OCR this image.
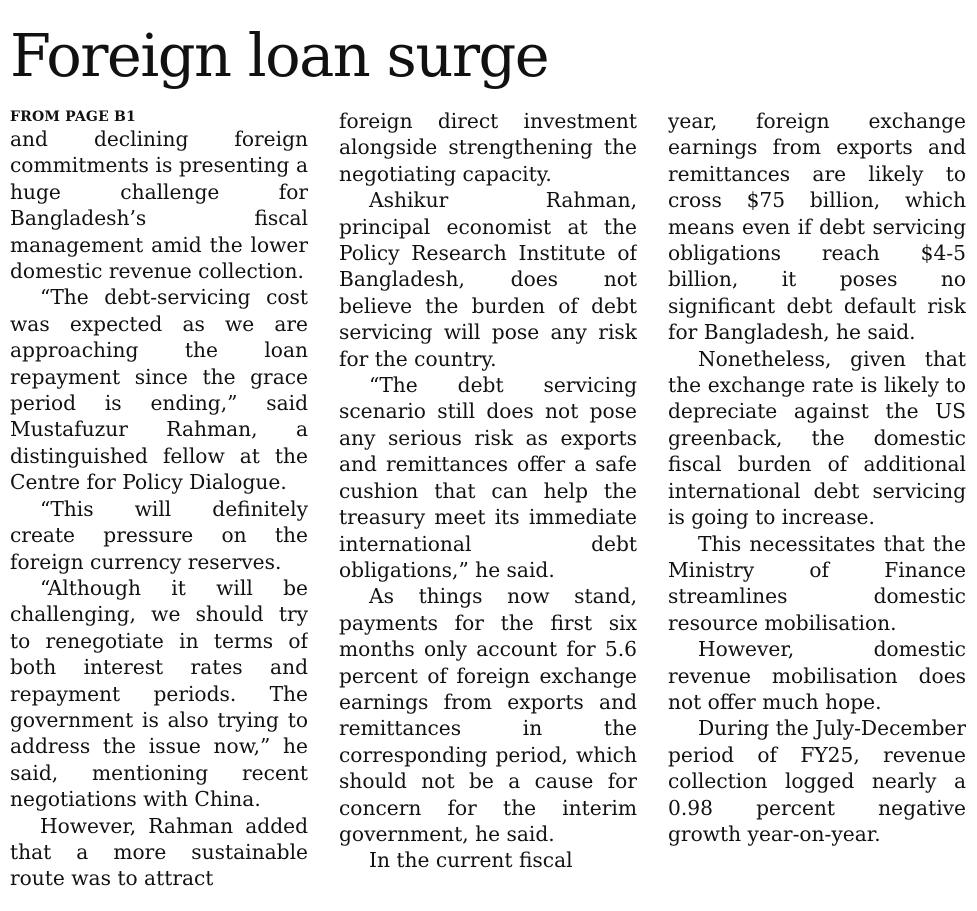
Foreign loan surge
FROM PAGE B1

and declining foreign commitments is presenting a huge challenge for Bangladesh’s fiscal management amid the lower domestic revenue collection.

“The debt-servicing cost was expected as we are approaching the loan repayment since the grace period is ending,” said Mustafuzur Rahman, a distinguished fellow at the Centre for Policy Dialogue.

“This will definitely create pressure on the foreign currency reserves.

“Although it will be challenging, we should try to renegotiate in terms of both interest rates and repayment periods. The government is also trying to address the issue now,” he said, mentioning recent negotiations with China.

However, Rahman added that a more sustainable route was to attract

foreign direct investment alongside strengthening the negotiating capacity.

Ashikur Rahman, principal economist at the Policy Research Institute of Bangladesh, does not believe the burden of debt servicing will pose any risk for the country.

“The debt servicing scenario still does not pose any serious risk as exports and remittances offer a safe cushion that can help the treasury meet its immediate international debt obligations,” he said.

As things now stand, payments for the first six months only account for 5.6 percent of foreign exchange earnings from exports and remittances in the corresponding period, which should not be a cause for concern for the interim government, he said.

In the current fiscal

year, foreign exchange earnings from exports and remittances are likely to cross $75 billion, which means even if debt servicing obligations reach $4-5 billion, it poses no significant debt default risk for Bangladesh, he said.

Nonetheless, given that the exchange rate is likely to depreciate against the US greenback, the domestic fiscal burden of additional international debt servicing is going to increase.

This necessitates that the Ministry of Finance streamlines domestic resource mobilisation.

However, domestic revenue mobilisation does not offer much hope.

During the July-December period of FY25, revenue collection logged nearly a 0.98 percent negative growth year-on-year.
